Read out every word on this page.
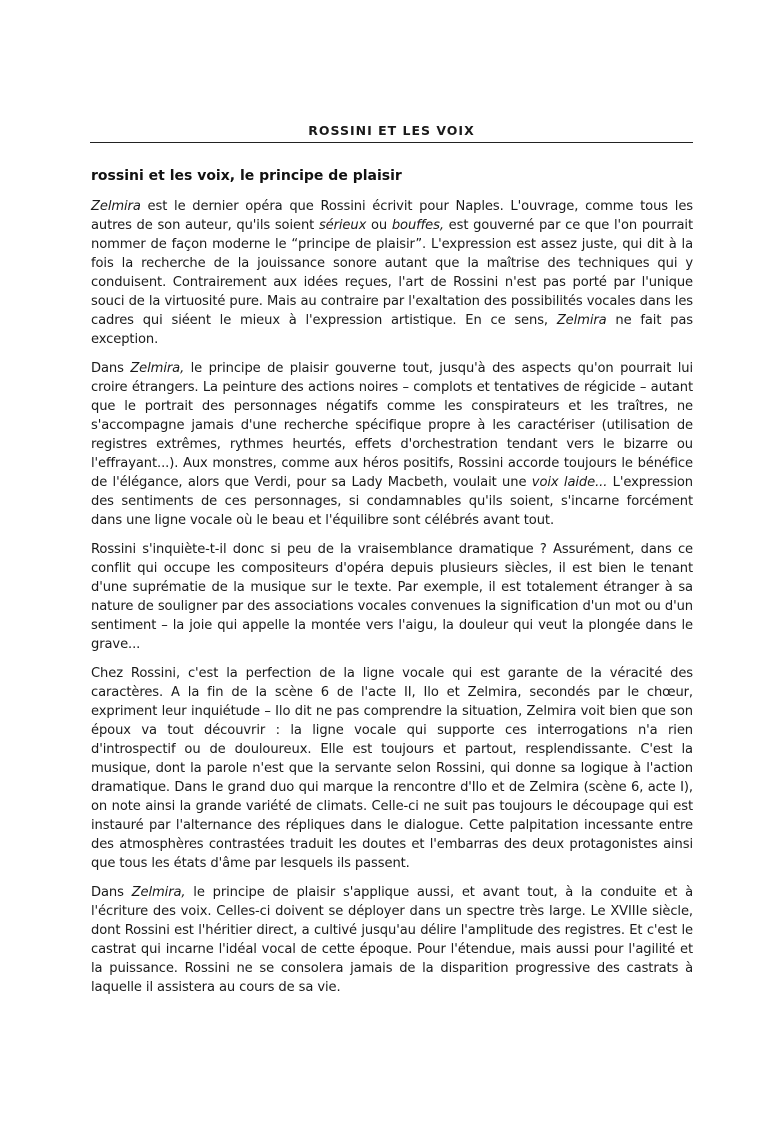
ROSSINI ET LES VOIX
rossini et les voix, le principe de plaisir

Zelmira est le dernier opéra que Rossini écrivit pour Naples. L'ouvrage, comme tous les autres de son auteur, qu'ils soient sérieux ou bouffes, est gouverné par ce que l'on pourrait nommer de façon moderne le “principe de plaisir”. L'expression est assez juste, qui dit à la fois la recherche de la jouissance sonore autant que la maîtrise des techniques qui y conduisent. Contrairement aux idées reçues, l'art de Rossini n'est pas porté par l'unique souci de la virtuosité pure. Mais au contraire par l'exaltation des possibilités vocales dans les cadres qui siéent le mieux à l'expression artistique. En ce sens, Zelmira ne fait pas exception.

Dans Zelmira, le principe de plaisir gouverne tout, jusqu'à des aspects qu'on pourrait lui croire étrangers. La peinture des actions noires – complots et tentatives de régicide – autant que le portrait des personnages négatifs comme les conspirateurs et les traîtres, ne s'accompagne jamais d'une recherche spécifique propre à les caractériser (utilisation de registres extrêmes, rythmes heurtés, effets d'orchestration tendant vers le bizarre ou l'effrayant...). Aux monstres, comme aux héros positifs, Rossini accorde toujours le bénéfice de l'élégance, alors que Verdi, pour sa Lady Macbeth, voulait une voix laide... L'expression des sentiments de ces personnages, si condamnables qu'ils soient, s'incarne forcément dans une ligne vocale où le beau et l'équilibre sont célébrés avant tout.

Rossini s'inquiète-t-il donc si peu de la vraisemblance dramatique ? Assurément, dans ce conflit qui occupe les compositeurs d'opéra depuis plusieurs siècles, il est bien le tenant d'une suprématie de la musique sur le texte. Par exemple, il est totalement étranger à sa nature de souligner par des associations vocales convenues la signification d'un mot ou d'un sentiment – la joie qui appelle la montée vers l'aigu, la douleur qui veut la plongée dans le grave...

Chez Rossini, c'est la perfection de la ligne vocale qui est garante de la véracité des caractères. A la fin de la scène 6 de l'acte II, Ilo et Zelmira, secondés par le chœur, expriment leur inquiétude – Ilo dit ne pas comprendre la situation, Zelmira voit bien que son époux va tout découvrir : la ligne vocale qui supporte ces interrogations n'a rien d'introspectif ou de douloureux. Elle est toujours et partout, resplendissante. C'est la musique, dont la parole n'est que la servante selon Rossini, qui donne sa logique à l'action dramatique. Dans le grand duo qui marque la rencontre d'Ilo et de Zelmira (scène 6, acte I), on note ainsi la grande variété de climats. Celle-ci ne suit pas toujours le découpage qui est instauré par l'alternance des répliques dans le dialogue. Cette palpitation incessante entre des atmosphères contrastées traduit les doutes et l'embarras des deux protagonistes ainsi que tous les états d'âme par lesquels ils passent.

Dans Zelmira, le principe de plaisir s'applique aussi, et avant tout, à la conduite et à l'écriture des voix. Celles-ci doivent se déployer dans un spectre très large. Le XVIIIe siècle, dont Rossini est l'héritier direct, a cultivé jusqu'au délire l'amplitude des registres. Et c'est le castrat qui incarne l'idéal vocal de cette époque. Pour l'étendue, mais aussi pour l'agilité et la puissance. Rossini ne se consolera jamais de la disparition progressive des castrats à laquelle il assistera au cours de sa vie.
